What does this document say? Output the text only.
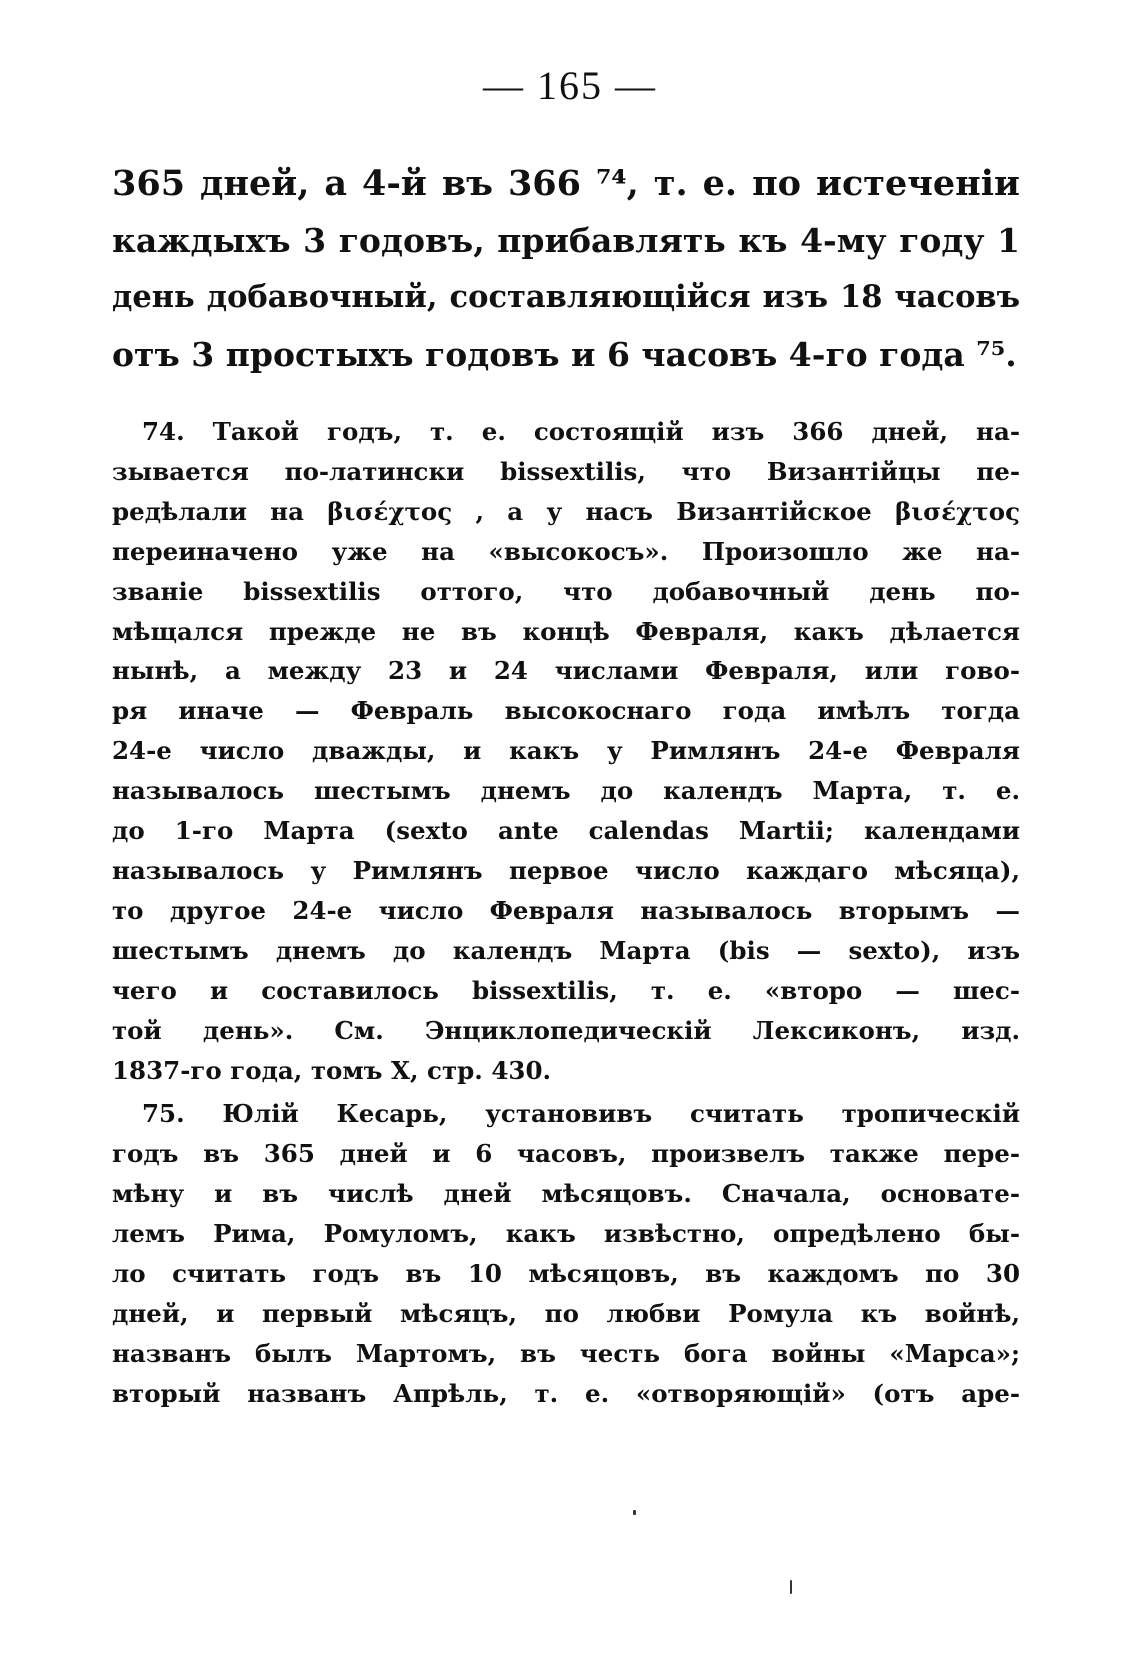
— 165 —
365 дней, а 4-й въ 366 ⁷⁴, т. е. по истеченіи
каждыхъ 3 годовъ, прибавлять къ 4-му году 1
день добавочный, составляющійся изъ 18 часовъ
отъ 3 простыхъ годовъ и 6 часовъ 4-го года ⁷⁵.
74. Такой годъ, т. е. состоящій изъ 366 дней, на-
зывается по-латински bissextilis, что Византійцы пе-
редѣлали на βισέχτος , а у насъ Византійское βισέχτος
переиначено уже на «высокосъ». Произошло же на-
званіе bissextilis оттого, что добавочный день по-
мѣщался прежде не въ концѣ Февраля, какъ дѣлается
нынѣ, а между 23 и 24 числами Февраля, или гово-
ря иначе — Февраль высокоснаго года имѣлъ тогда
24-е число дважды, и какъ у Римлянъ 24-е Февраля
называлось шестымъ днемъ до календъ Марта, т. е.
до 1-го Марта (sexto ante calendas Martii; календами
называлось у Римлянъ первое число каждаго мѣсяца),
то другое 24-е число Февраля называлось вторымъ —
шестымъ днемъ до календъ Марта (bis — sexto), изъ
чего и составилось bissextilis, т. е. «второ — шес-
той день». См. Энциклопедическій Лексиконъ, изд.
1837-го года, томъ X, стр. 430.
75. Юлій Кесарь, установивъ считать тропическій
годъ въ 365 дней и 6 часовъ, произвелъ также пере-
мѣну и въ числѣ дней мѣсяцовъ. Сначала, основате-
лемъ Рима, Ромуломъ, какъ извѣстно, опредѣлено бы-
ло считать годъ въ 10 мѣсяцовъ, въ каждомъ по 30
дней, и первый мѣсяцъ, по любви Ромула къ войнѣ,
названъ былъ Мартомъ, въ честь бога войны «Марса»;
вторый названъ Апрѣль, т. е. «отворяющій» (отъ аре-
